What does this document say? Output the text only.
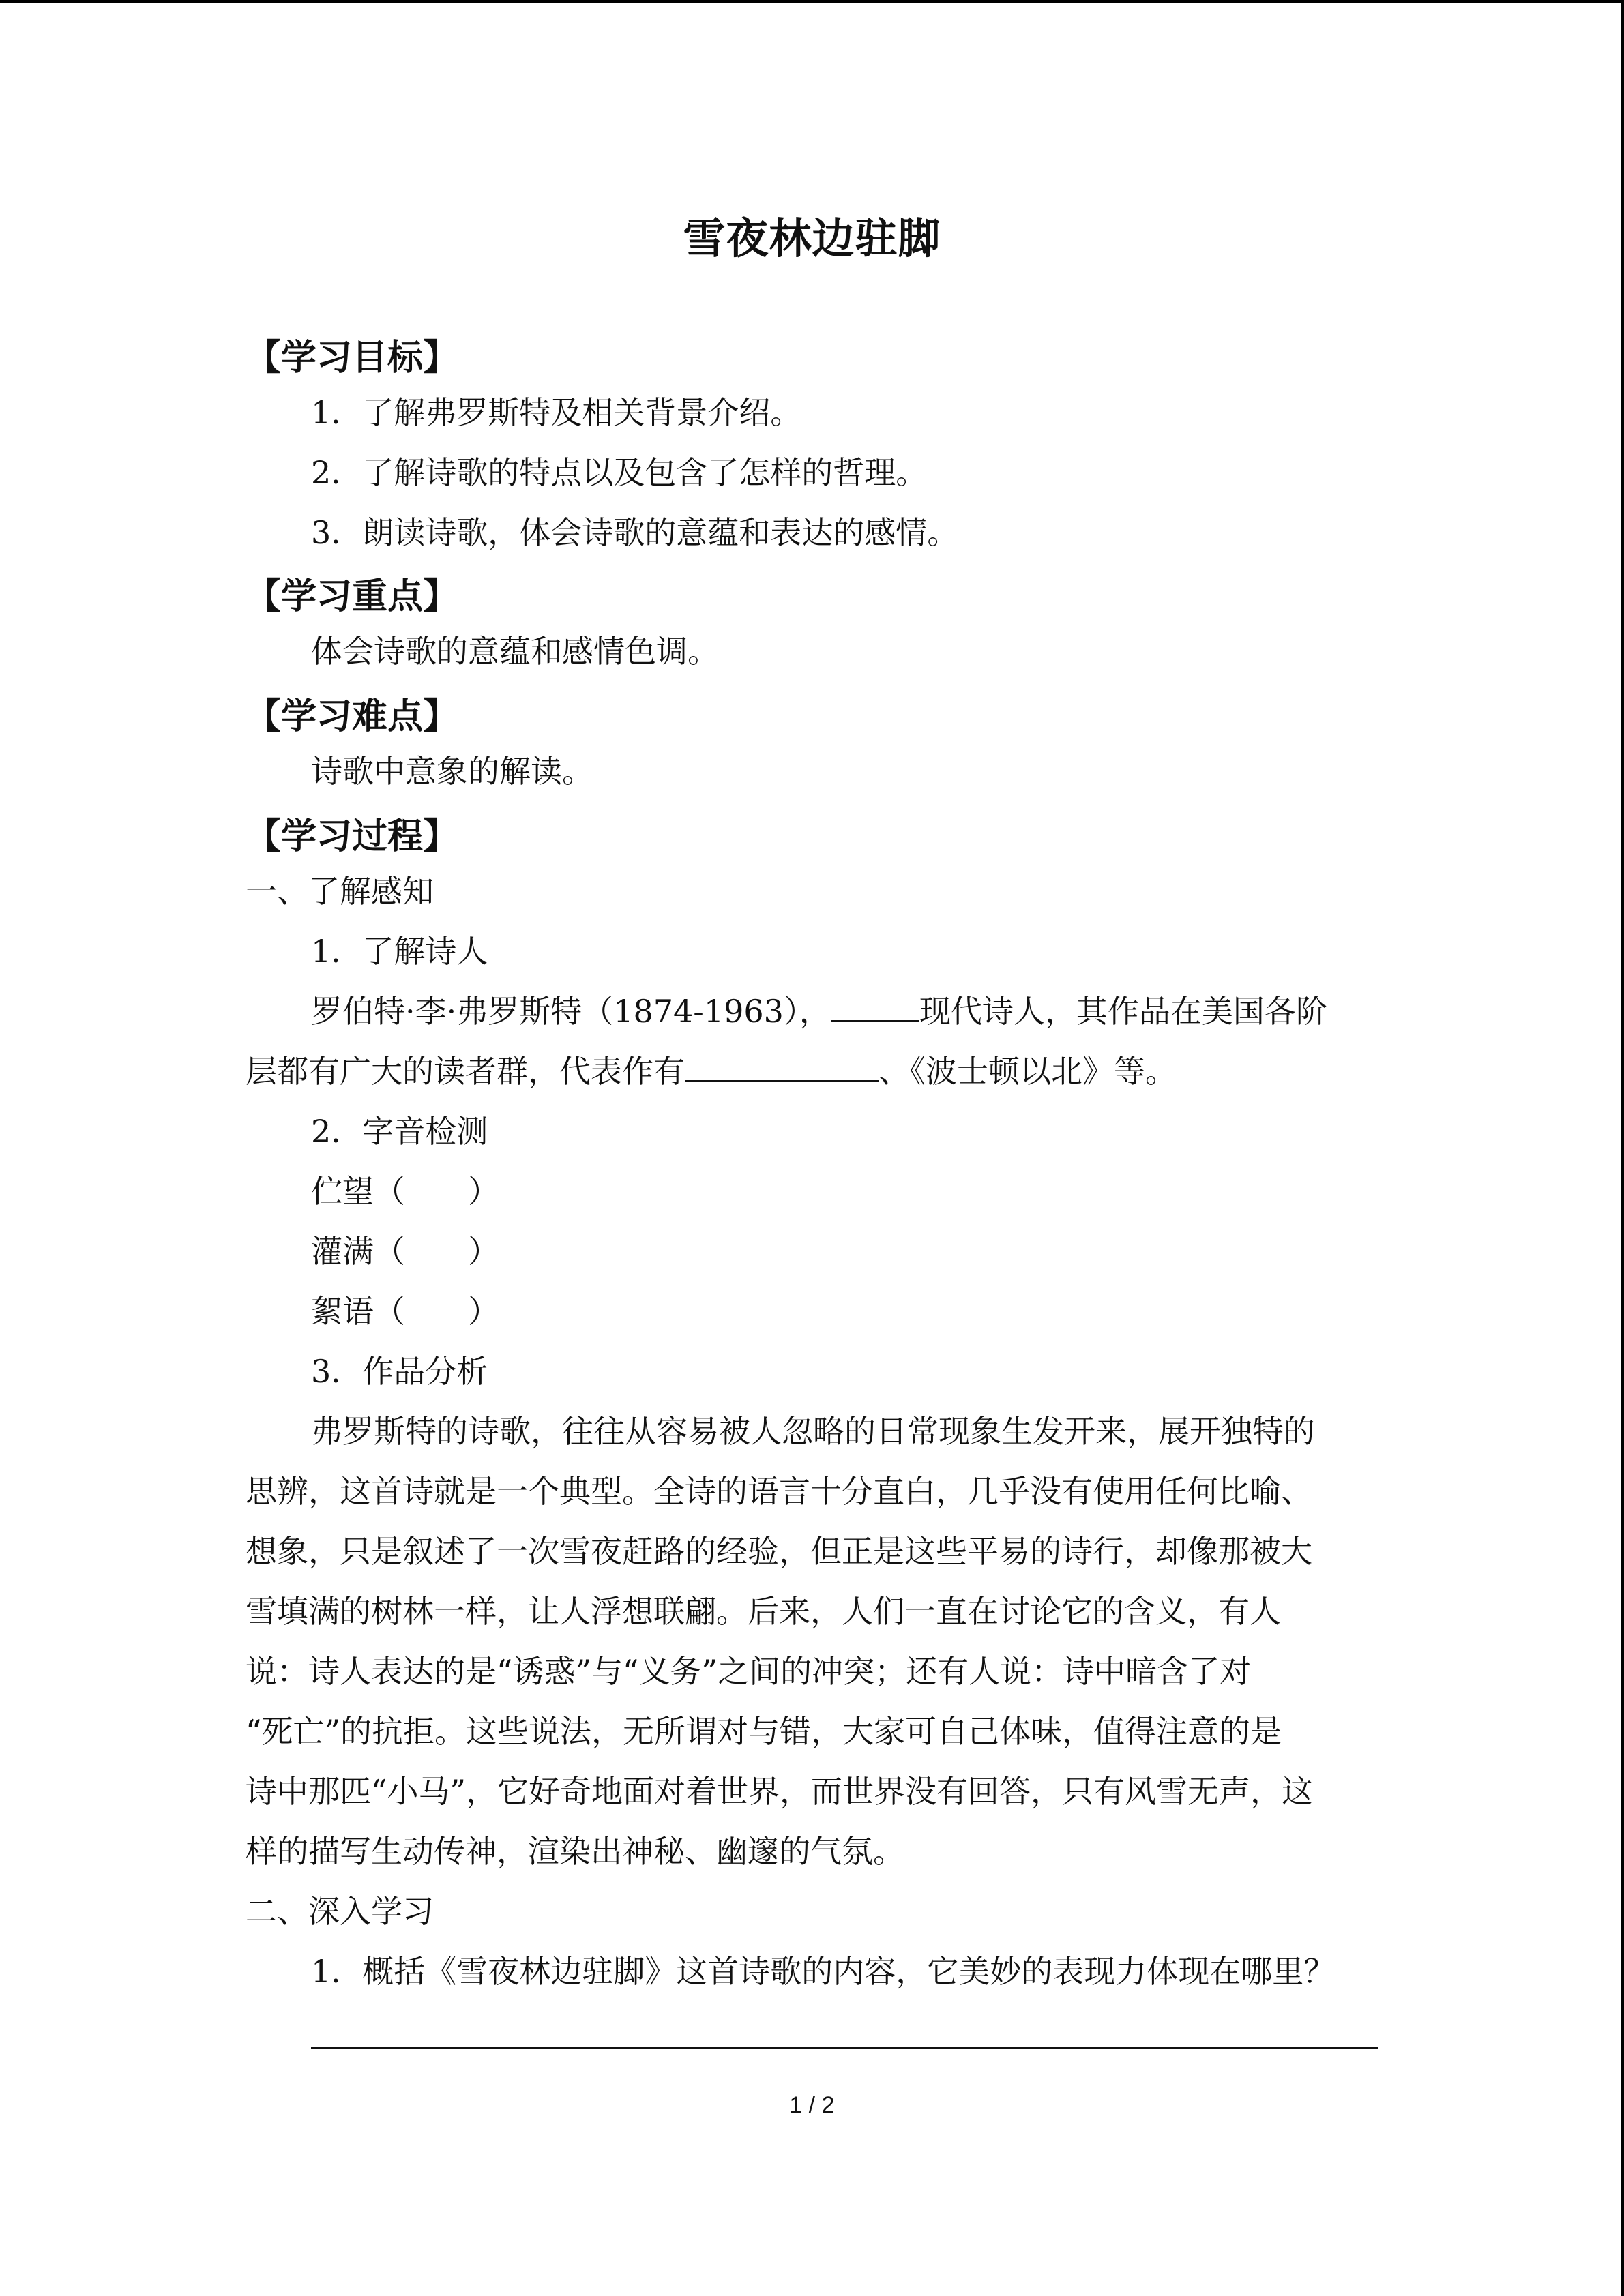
雪夜林边驻脚
【学习目标】
1．了解弗罗斯特及相关背景介绍。
2．了解诗歌的特点以及包含了怎样的哲理。
3．朗读诗歌，体会诗歌的意蕴和表达的感情。
【学习重点】
体会诗歌的意蕴和感情色调。
【学习难点】
诗歌中意象的解读。
【学习过程】
一、了解感知
1．了解诗人
罗伯特·李·弗罗斯特（1874-1963），	现代诗人，其作品在美国各阶
层都有广大的读者群，代表作有	、《波士顿以北》等。
2．字音检测
伫望（　　）
灌满（　　）
絮语（　　）
3．作品分析
弗罗斯特的诗歌，往往从容易被人忽略的日常现象生发开来，展开独特的
思辨，这首诗就是一个典型。全诗的语言十分直白，几乎没有使用任何比喻、
想象，只是叙述了一次雪夜赶路的经验，但正是这些平易的诗行，却像那被大
雪填满的树林一样，让人浮想联翩。后来，人们一直在讨论它的含义，有人
说：诗人表达的是“诱惑”与“义务”之间的冲突；还有人说：诗中暗含了对
“死亡”的抗拒。这些说法，无所谓对与错，大家可自己体味，值得注意的是
诗中那匹“小马”，它好奇地面对着世界，而世界没有回答，只有风雪无声，这
样的描写生动传神，渲染出神秘、幽邃的气氛。
二、深入学习
1．概括《雪夜林边驻脚》这首诗歌的内容，它美妙的表现力体现在哪里？
1 / 2
